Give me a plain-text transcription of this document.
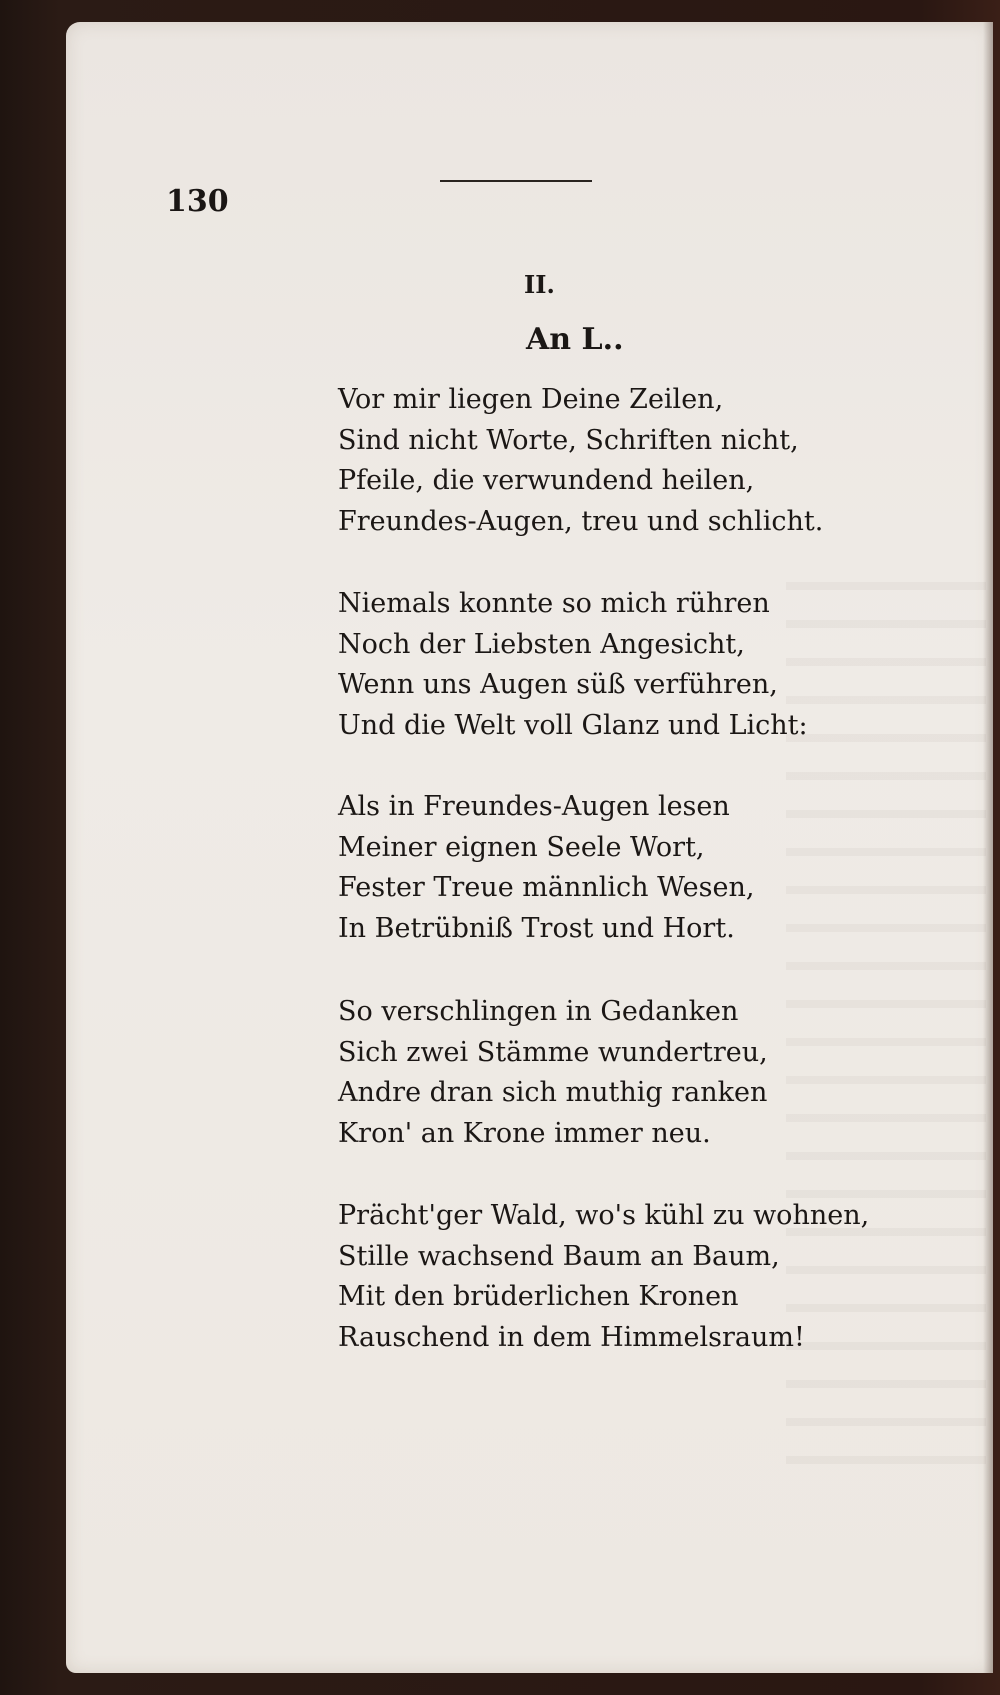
130
II.
An L..
Vor mir liegen Deine Zeilen,
Sind nicht Worte, Schriften nicht,
Pfeile, die verwundend heilen,
Freundes-Augen, treu und schlicht.
Niemals konnte so mich rühren
Noch der Liebsten Angesicht,
Wenn uns Augen süß verführen,
Und die Welt voll Glanz und Licht:
Als in Freundes-Augen lesen
Meiner eignen Seele Wort,
Fester Treue männlich Wesen,
In Betrübniß Trost und Hort.
So verschlingen in Gedanken
Sich zwei Stämme wundertreu,
Andre dran sich muthig ranken
Kron' an Krone immer neu.
Prächt'ger Wald, wo's kühl zu wohnen,
Stille wachsend Baum an Baum,
Mit den brüderlichen Kronen
Rauschend in dem Himmelsraum!
